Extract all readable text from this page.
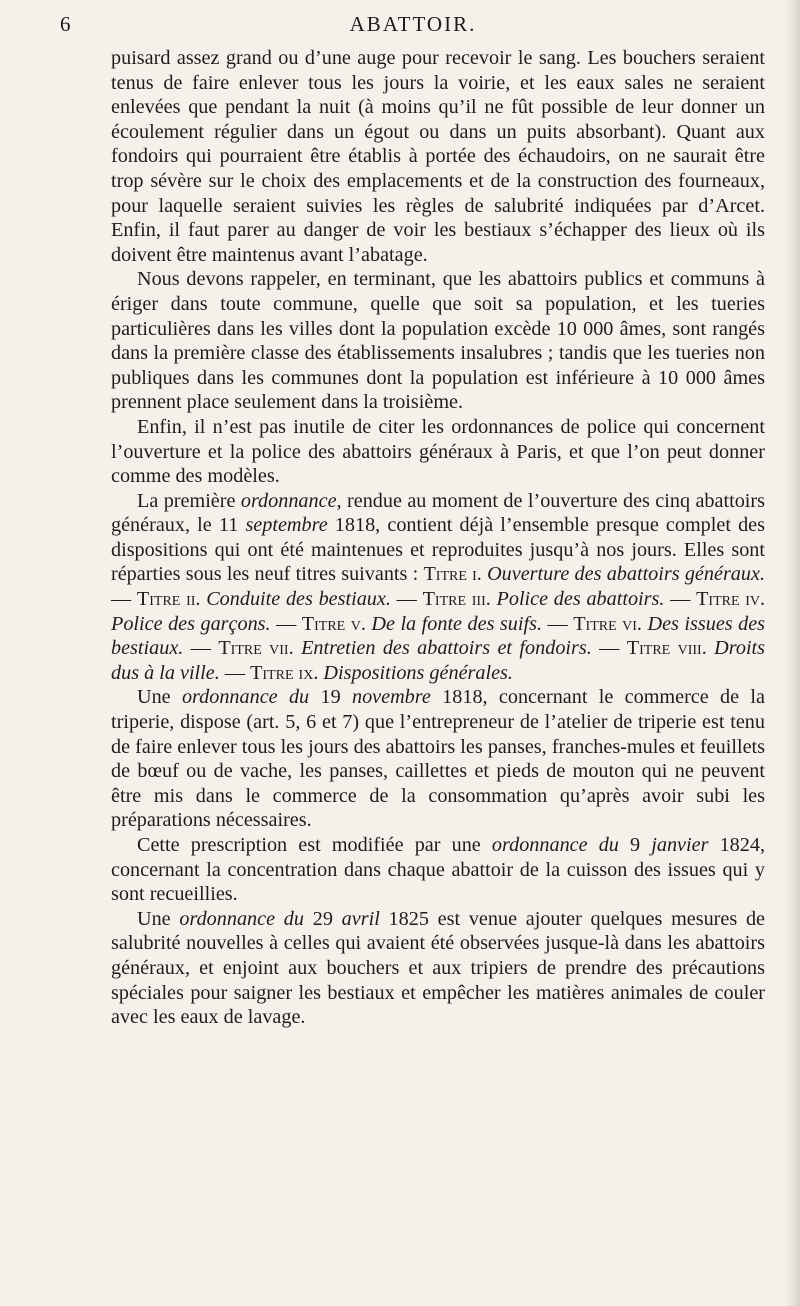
6	ABATTOIR.

puisard assez grand ou d’une auge pour recevoir le sang. Les bouchers seraient tenus de faire enlever tous les jours la voirie, et les eaux sales ne seraient enlevées que pendant la nuit (à moins qu’il ne fût possible de leur donner un écoulement régulier dans un égout ou dans un puits absorbant). Quant aux fondoirs qui pourraient être établis à portée des échaudoirs, on ne saurait être trop sévère sur le choix des emplacements et de la construction des fourneaux, pour laquelle seraient suivies les règles de salubrité indiquées par d’Arcet. Enfin, il faut parer au danger de voir les bestiaux s’échapper des lieux où ils doivent être maintenus avant l’abatage.

Nous devons rappeler, en terminant, que les abattoirs publics et communs à ériger dans toute commune, quelle que soit sa population, et les tueries particulières dans les villes dont la population excède 10 000 âmes, sont rangés dans la première classe des établissements insalubres ; tandis que les tueries non publiques dans les communes dont la population est inférieure à 10 000 âmes prennent place seulement dans la troisième.

Enfin, il n’est pas inutile de citer les ordonnances de police qui concernent l’ouverture et la police des abattoirs généraux à Paris, et que l’on peut donner comme des modèles.

La première ordonnance, rendue au moment de l’ouverture des cinq abattoirs généraux, le 11 septembre 1818, contient déjà l’ensemble presque complet des dispositions qui ont été maintenues et reproduites jusqu’à nos jours. Elles sont réparties sous les neuf titres suivants : Titre i. Ouverture des abattoirs généraux. — Titre ii. Conduite des bestiaux. — Titre iii. Police des abattoirs. — Titre iv. Police des garçons. — Titre v. De la fonte des suifs. — Titre vi. Des issues des bestiaux. — Titre vii. Entretien des abattoirs et fondoirs. — Titre viii. Droits dus à la ville. — Titre ix. Dispositions générales.

Une ordonnance du 19 novembre 1818, concernant le commerce de la triperie, dispose (art. 5, 6 et 7) que l’entrepreneur de l’atelier de triperie est tenu de faire enlever tous les jours des abattoirs les panses, franches-mules et feuillets de bœuf ou de vache, les panses, caillettes et pieds de mouton qui ne peuvent être mis dans le commerce de la consommation qu’après avoir subi les préparations nécessaires.

Cette prescription est modifiée par une ordonnance du 9 janvier 1824, concernant la concentration dans chaque abattoir de la cuisson des issues qui y sont recueillies.

Une ordonnance du 29 avril 1825 est venue ajouter quelques mesures de salubrité nouvelles à celles qui avaient été observées jusque-là dans les abattoirs généraux, et enjoint aux bouchers et aux tripiers de prendre des précautions spéciales pour saigner les bestiaux et empêcher les matières animales de couler avec les eaux de lavage.
